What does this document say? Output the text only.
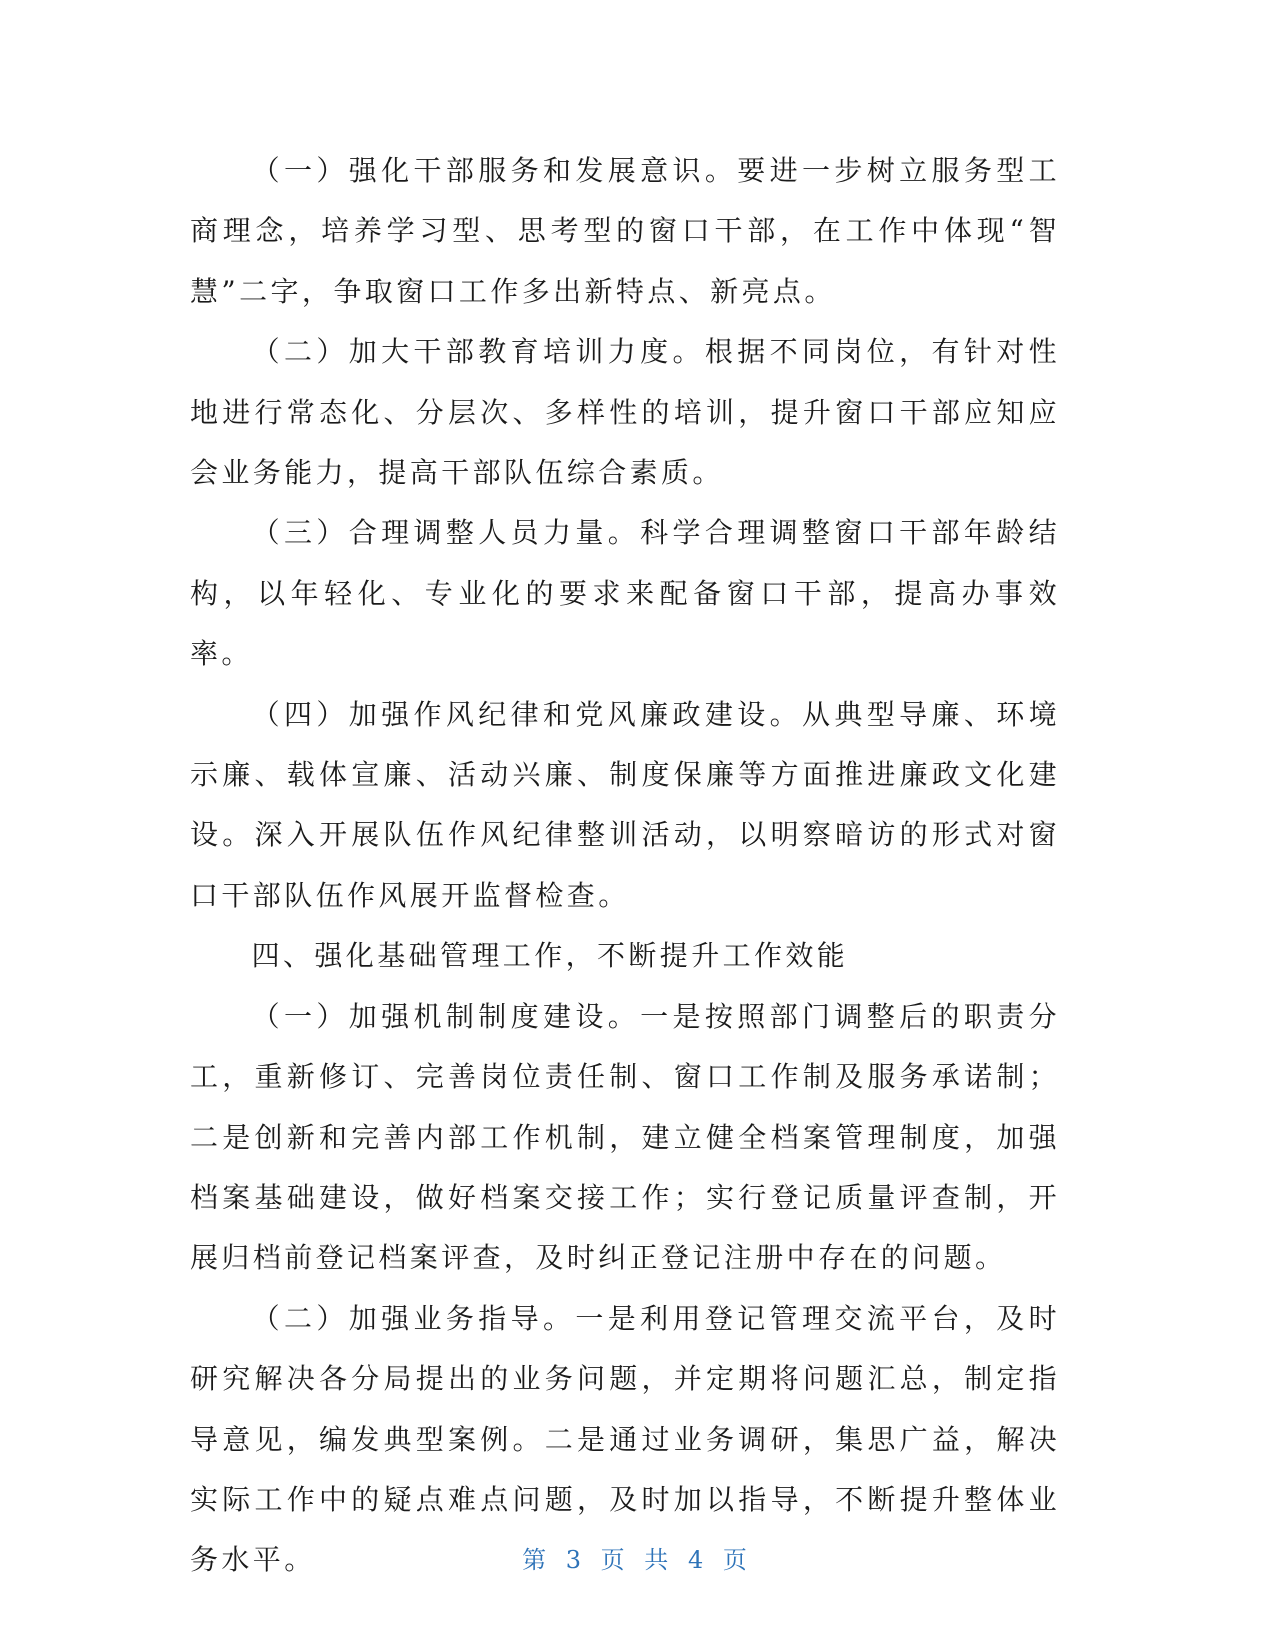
（一）强化干部服务和发展意识。要进一步树立服务型工商理念，培养学习型、思考型的窗口干部，在工作中体现“智慧”二字，争取窗口工作多出新特点、新亮点。

（二）加大干部教育培训力度。根据不同岗位，有针对性地进行常态化、分层次、多样性的培训，提升窗口干部应知应会业务能力，提高干部队伍综合素质。

（三）合理调整人员力量。科学合理调整窗口干部年龄结构，以年轻化、专业化的要求来配备窗口干部，提高办事效率。

（四）加强作风纪律和党风廉政建设。从典型导廉、环境示廉、载体宣廉、活动兴廉、制度保廉等方面推进廉政文化建设。深入开展队伍作风纪律整训活动，以明察暗访的形式对窗口干部队伍作风展开监督检查。

四、强化基础管理工作，不断提升工作效能

（一）加强机制制度建设。一是按照部门调整后的职责分工，重新修订、完善岗位责任制、窗口工作制及服务承诺制；二是创新和完善内部工作机制，建立健全档案管理制度，加强档案基础建设，做好档案交接工作；实行登记质量评查制，开展归档前登记档案评查，及时纠正登记注册中存在的问题。

（二）加强业务指导。一是利用登记管理交流平台，及时研究解决各分局提出的业务问题，并定期将问题汇总，制定指导意见，编发典型案例。二是通过业务调研，集思广益，解决实际工作中的疑点难点问题，及时加以指导，不断提升整体业务水平。	第 3 页 共 4 页
